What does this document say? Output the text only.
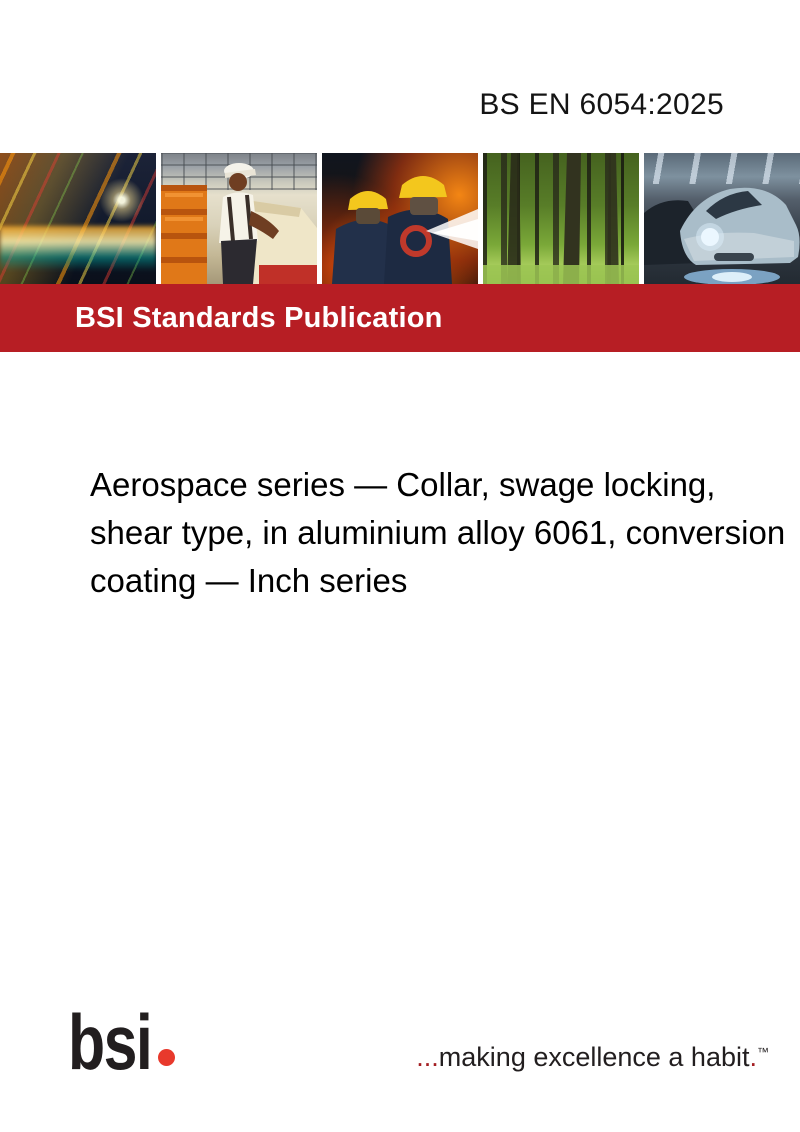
BS EN 6054:2025
BSI Standards Publication
Aerospace series — Collar, swage locking,
shear type, in aluminium alloy 6061, conversion
coating — Inch series
bsi	...making excellence a habit.™
